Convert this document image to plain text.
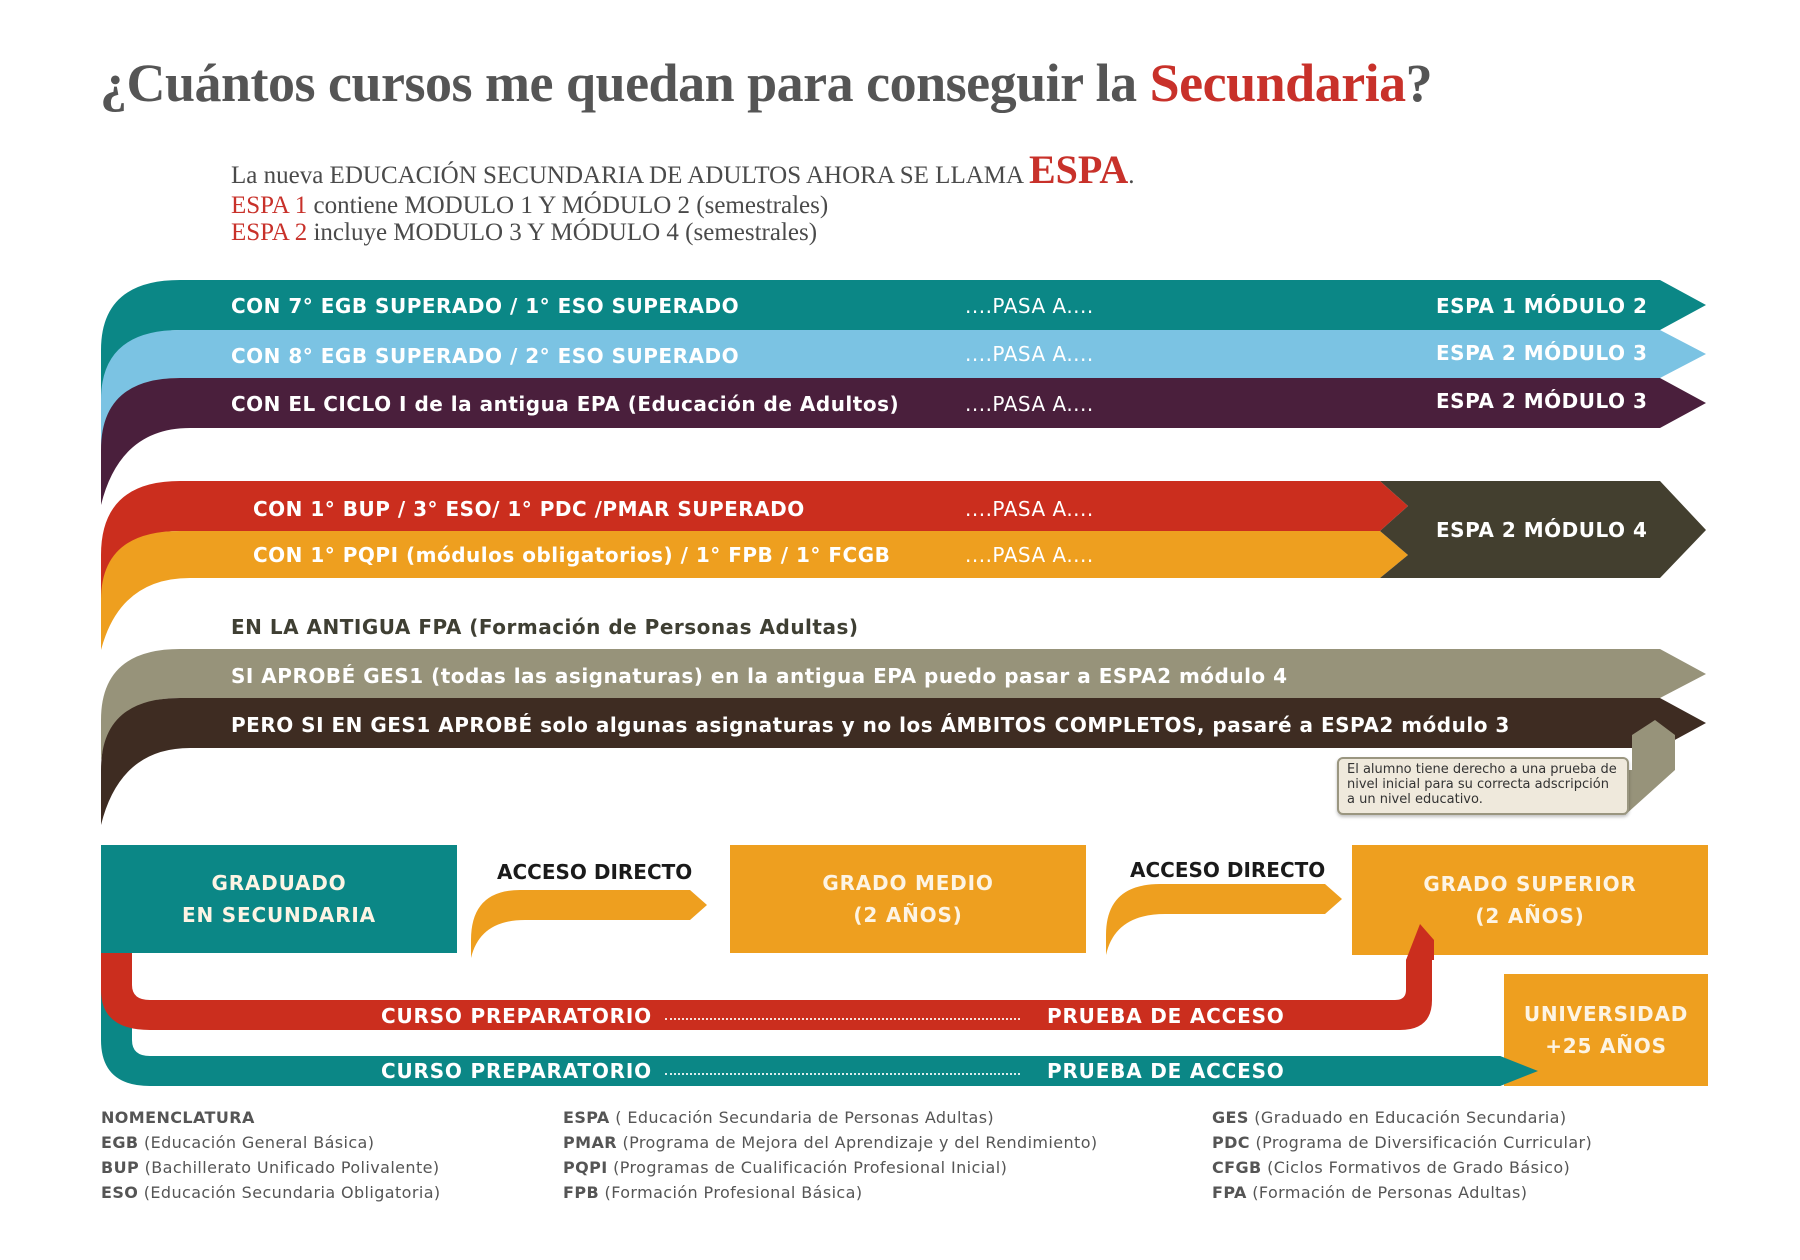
¿Cuántos cursos me quedan para conseguir la Secundaria?
La nueva EDUCACIÓN SECUNDARIA DE ADULTOS AHORA SE LLAMA ESPA.
ESPA 1 contiene MODULO 1 Y MÓDULO 2 (semestrales)
ESPA 2 incluye MODULO 3 Y MÓDULO 4 (semestrales)
CON 7° EGB SUPERADO / 1° ESO SUPERADO	....PASA A....	ESPA 1 MÓDULO 2
CON 8° EGB SUPERADO / 2° ESO SUPERADO	....PASA A....	ESPA 2 MÓDULO 3
CON EL CICLO I de la antigua EPA (Educación de Adultos)	....PASA A....	ESPA 2 MÓDULO 3
CON 1° BUP / 3° ESO/ 1° PDC /PMAR SUPERADO	....PASA A....
CON 1° PQPI (módulos obligatorios) / 1° FPB / 1° FCGB	....PASA A....
ESPA 2 MÓDULO 4
EN LA ANTIGUA FPA (Formación de Personas Adultas)
SI APROBÉ GES1 (todas las asignaturas) en la antigua EPA puedo pasar a ESPA2 módulo 4
PERO SI EN GES1 APROBÉ solo algunas asignaturas y no los ÁMBITOS COMPLETOS, pasaré a ESPA2 módulo 3
El alumno tiene derecho a una prueba de nivel inicial para su correcta adscripción a un nivel educativo.
GRADUADO
EN SECUNDARIA
ACCESO DIRECTO	GRADO MEDIO
(2 AÑOS)
ACCESO DIRECTO
GRADO SUPERIOR
(2 AÑOS)
UNIVERSIDAD
+25 AÑOS
CURSO PREPARATORIO	PRUEBA DE ACCESO
CURSO PREPARATORIO	PRUEBA DE ACCESO
NOMENCLATURA
EGB (Educación General Básica)
BUP (Bachillerato Unificado Polivalente)
ESO (Educación Secundaria Obligatoria)
ESPA ( Educación Secundaria de Personas Adultas)
PMAR (Programa de Mejora del Aprendizaje y del Rendimiento)
PQPI (Programas de Cualificación Profesional Inicial)
FPB (Formación Profesional Básica)
GES (Graduado en Educación Secundaria)
PDC (Programa de Diversificación Curricular)
CFGB (Ciclos Formativos de Grado Básico)
FPA (Formación de Personas Adultas)
